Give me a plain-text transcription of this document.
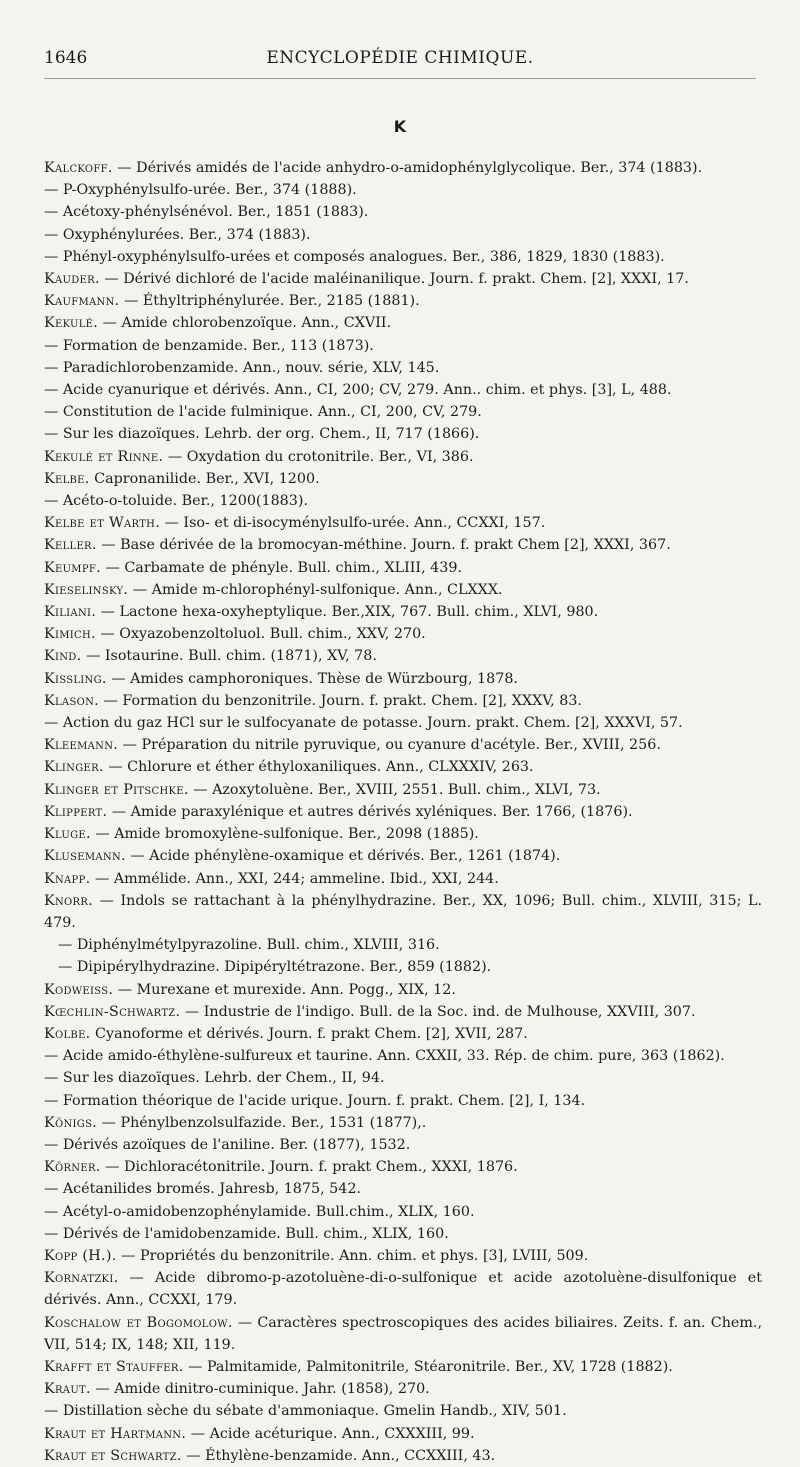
1646	ENCYCLOPÉDIE CHIMIQUE.
K
Kalckoff. — Dérivés amidés de l'acide anhydro-o-amidophénylglycolique. Ber., 374 (1883).
— P-Oxyphénylsulfo-urée. Ber., 374 (1888).
— Acétoxy-phénylsénévol. Ber., 1851 (1883).
— Oxyphénylurées. Ber., 374 (1883).
— Phényl-oxyphénylsulfo-urées et composés analogues. Ber., 386, 1829, 1830 (1883).
Kauder. — Dérivé dichloré de l'acide maléinanilique. Journ. f. prakt. Chem. [2], XXXI, 17.
Kaufmann. — Éthyltriphénylurée. Ber., 2185 (1881).
Kekulé. — Amide chlorobenzoïque. Ann., CXVII.
— Formation de benzamide. Ber., 113 (1873).
— Paradichlorobenzamide. Ann., nouv. série, XLV, 145.
— Acide cyanurique et dérivés. Ann., CI, 200; CV, 279. Ann.. chim. et phys. [3], L, 488.
— Constitution de l'acide fulminique. Ann., CI, 200, CV, 279.
— Sur les diazoïques. Lehrb. der org. Chem., II, 717 (1866).
Kekulé et Rinne. — Oxydation du crotonitrile. Ber., VI, 386.
Kelbe. Capronanilide. Ber., XVI, 1200.
— Acéto-o-toluide. Ber., 1200(1883).
Kelbe et Warth. — Iso- et di-isocyménylsulfo-urée. Ann., CCXXI, 157.
Keller. — Base dérivée de la bromocyan-méthine. Journ. f. prakt Chem [2], XXXI, 367.
Keumpf. — Carbamate de phényle. Bull. chim., XLIII, 439.
Kieselinsky. — Amide m-chlorophényl-sulfonique. Ann., CLXXX.
Kiliani. — Lactone hexa-oxyheptylique. Ber.,XIX, 767. Bull. chim., XLVI, 980.
Kimich. — Oxyazobenzoltoluol. Bull. chim., XXV, 270.
Kind. — Isotaurine. Bull. chim. (1871), XV, 78.
Kissling. — Amides camphoroniques. Thèse de Würzbourg, 1878.
Klason. — Formation du benzonitrile. Journ. f. prakt. Chem. [2], XXXV, 83.
— Action du gaz HCl sur le sulfocyanate de potasse. Journ. prakt. Chem. [2], XXXVI, 57.
Kleemann. — Préparation du nitrile pyruvique, ou cyanure d'acétyle. Ber., XVIII, 256.
Klinger. — Chlorure et éther éthyloxaniliques. Ann., CLXXXIV, 263.
Klinger et Pitschke. — Azoxytoluène. Ber., XVIII, 2551. Bull. chim., XLVI, 73.
Klippert. — Amide paraxylénique et autres dérivés xyléniques. Ber. 1766, (1876).
Kluge. — Amide bromoxylène-sulfonique. Ber., 2098 (1885).
Klusemann. — Acide phénylène-oxamique et dérivés. Ber., 1261 (1874).
Knapp. — Ammélide. Ann., XXI, 244; ammeline. Ibid., XXI, 244.
Knorr. — Indols se rattachant à la phénylhydrazine. Ber., XX, 1096; Bull. chim., XLVIII, 315; L. 479.
— Diphénylmétylpyrazoline. Bull. chim., XLVIII, 316.
— Dipipérylhydrazine. Dipipéryltétrazone. Ber., 859 (1882).
Kodweiss. — Murexane et murexide. Ann. Pogg., XIX, 12.
Kœchlin-Schwartz. — Industrie de l'indigo. Bull. de la Soc. ind. de Mulhouse, XXVIII, 307.
Kolbe. Cyanoforme et dérivés. Journ. f. prakt Chem. [2], XVII, 287.
— Acide amido-éthylène-sulfureux et taurine. Ann. CXXII, 33. Rép. de chim. pure, 363 (1862).
— Sur les diazoïques. Lehrb. der Chem., II, 94.
— Formation théorique de l'acide urique. Journ. f. prakt. Chem. [2], I, 134.
Königs. — Phénylbenzolsulfazide. Ber., 1531 (1877),.
— Dérivés azoïques de l'aniline. Ber. (1877), 1532.
Körner. — Dichloracétonitrile. Journ. f. prakt Chem., XXXI, 1876.
— Acétanilides bromés. Jahresb, 1875, 542.
— Acétyl-o-amidobenzophénylamide. Bull.chim., XLIX, 160.
— Dérivés de l'amidobenzamide. Bull. chim., XLIX, 160.
Kopp (H.). — Propriétés du benzonitrile. Ann. chim. et phys. [3], LVIII, 509.
Kornatzki. — Acide dibromo-p-azotoluène-di-o-sulfonique et acide azotoluène-disulfonique et dérivés. Ann., CCXXI, 179.
Koschalow et Bogomolow. — Caractères spectroscopiques des acides biliaires. Zeits. f. an. Chem., VII, 514; IX, 148; XII, 119.
Krafft et Stauffer. — Palmitamide, Palmitonitrile, Stéaronitrile. Ber., XV, 1728 (1882).
Kraut. — Amide dinitro-cuminique. Jahr. (1858), 270.
— Distillation sèche du sébate d'ammoniaque. Gmelin Handb., XIV, 501.
Kraut et Hartmann. — Acide acéturique. Ann., CXXXIII, 99.
Kraut et Schwartz. — Éthylène-benzamide. Ann., CCXXIII, 43.
